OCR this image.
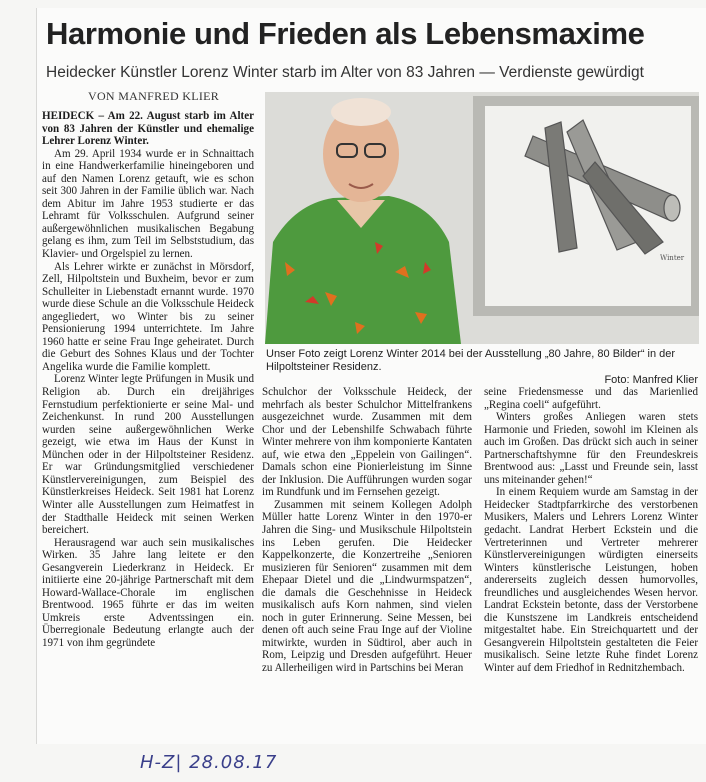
Harmonie und Frieden als Lebensmaxime
Heidecker Künstler Lorenz Winter starb im Alter von 83 Jahren — Verdienste gewürdigt
VON MANFRED KLIER

HEIDECK – Am 22. August starb im Alter von 83 Jahren der Künstler und ehemalige Lehrer Lorenz Winter.

Am 29. April 1934 wurde er in Schnaittach in eine Handwerkerfamilie hineingeboren und auf den Namen Lorenz getauft, wie es schon seit 300 Jahren in der Familie üblich war. Nach dem Abitur im Jahre 1953 studierte er das Lehramt für Volksschulen. Aufgrund seiner außergewöhnlichen musikalischen Begabung gelang es ihm, zum Teil im Selbststudium, das Klavier- und Orgelspiel zu lernen.

Als Lehrer wirkte er zunächst in Mörsdorf, Zell, Hilpoltstein und Buxheim, bevor er zum Schulleiter in Liebenstadt ernannt wurde. 1970 wurde diese Schule an die Volksschule Heideck angegliedert, wo Winter bis zu seiner Pensionierung 1994 unterrichtete. Im Jahre 1960 hatte er seine Frau Inge geheiratet. Durch die Geburt des Sohnes Klaus und der Tochter Angelika wurde die Familie komplett.

Lorenz Winter legte Prüfungen in Musik und Religion ab. Durch ein dreijähriges Fernstudium perfektionierte er seine Mal- und Zeichenkunst. In rund 200 Ausstellungen wurden seine außergewöhnlichen Werke gezeigt, wie etwa im Haus der Kunst in München oder in der Hilpoltsteiner Residenz. Er war Gründungsmitglied verschiedener Künstlervereinigungen, zum Beispiel des Künstlerkreises Heideck. Seit 1981 hat Lorenz Winter alle Ausstellungen zum Heimatfest in der Stadthalle Heideck mit seinen Werken bereichert.

Herausragend war auch sein musikalisches Wirken. 35 Jahre lang leitete er den Gesangverein Liederkranz in Heideck. Er initiierte eine 20-jährige Partnerschaft mit dem Howard-Wallace-Chorale im englischen Brentwood. 1965 führte er das im weiten Umkreis erste Adventssingen ein. Überregionale Bedeutung erlangte auch der 1971 von ihm gegründete

Winter
Unser Foto zeigt Lorenz Winter 2014 bei der Ausstellung „80 Jahre, 80 Bilder“ in der Hilpoltsteiner Residenz.
Foto: Manfred Klier

Schulchor der Volksschule Heideck, der mehrfach als bester Schulchor Mittelfrankens ausgezeichnet wurde. Zusammen mit dem Chor und der Lebenshilfe Schwabach führte Winter mehrere von ihm komponierte Kantaten auf, wie etwa den „Eppelein von Gailingen“. Damals schon eine Pionierleistung im Sinne der Inklusion. Die Aufführungen wurden sogar im Rundfunk und im Fernsehen gezeigt.

Zusammen mit seinem Kollegen Adolph Müller hatte Lorenz Winter in den 1970-er Jahren die Sing- und Musikschule Hilpoltstein ins Leben gerufen. Die Heidecker Kappelkonzerte, die Konzertreihe „Senioren musizieren für Senioren“ zusammen mit dem Ehepaar Dietel und die „Lindwurmspatzen“, die damals die Geschehnisse in Heideck musikalisch aufs Korn nahmen, sind vielen noch in guter Erinnerung. Seine Messen, bei denen oft auch seine Frau Inge auf der Violine mitwirkte, wurden in Südtirol, aber auch in Rom, Leipzig und Dresden aufgeführt. Heuer zu Allerheiligen wird in Partschins bei Meran

seine Friedensmesse und das Marienlied „Regina coeli“ aufgeführt.

Winters großes Anliegen waren stets Harmonie und Frieden, sowohl im Kleinen als auch im Großen. Das drückt sich auch in seiner Partnerschaftshymne für den Freundeskreis Brentwood aus: „Lasst und Freunde sein, lasst uns miteinander gehen!“

In einem Requiem wurde am Samstag in der Heidecker Stadtpfarrkirche des verstorbenen Musikers, Malers und Lehrers Lorenz Winter gedacht. Landrat Herbert Eckstein und die Vertreterinnen und Vertreter mehrerer Künstlervereinigungen würdigten einerseits Winters künstlerische Leistungen, hoben andererseits zugleich dessen humorvolles, freundliches und ausgleichendes Wesen hervor. Landrat Eckstein betonte, dass der Verstorbene die Kunstszene im Landkreis entscheidend mitgestaltet habe. Ein Streichquartett und der Gesangverein Hilpoltstein gestalteten die Feier musikalisch. Seine letzte Ruhe findet Lorenz Winter auf dem Friedhof in Rednitzhembach.

H-Z| 28.08.17
